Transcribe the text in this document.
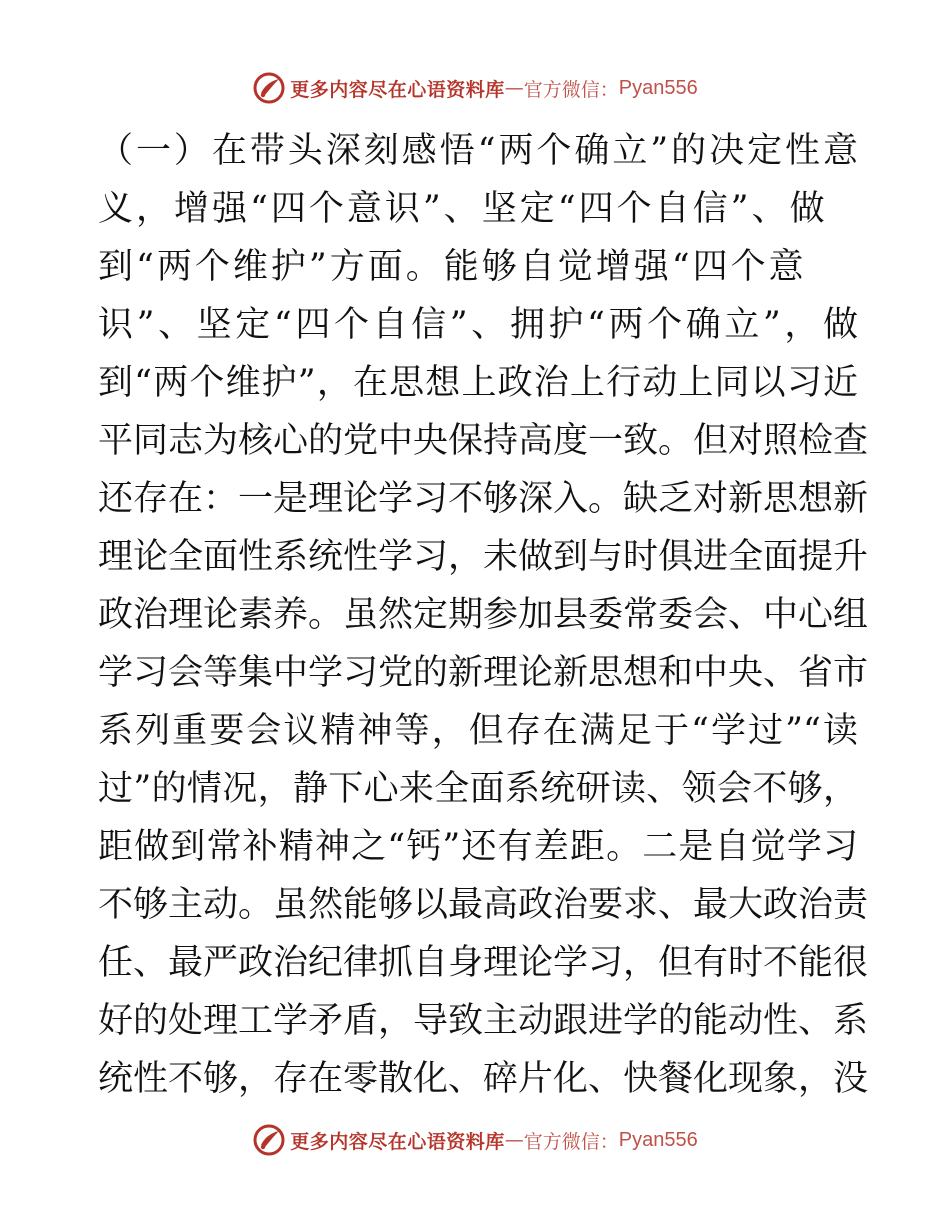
更多内容尽在心语资料库 — 官方微信： Pyan556
（一）在带头深刻感悟“两个确立”的决定性意
义，增强“四个意识”、坚定“四个自信”、做
到“两个维护”方面。能够自觉增强“四个意
识”、坚定“四个自信”、拥护“两个确立”，做
到“两个维护”，在思想上政治上行动上同以习近
平同志为核心的党中央保持高度一致。但对照检查
还存在：一是理论学习不够深入。缺乏对新思想新
理论全面性系统性学习，未做到与时俱进全面提升
政治理论素养。虽然定期参加县委常委会、中心组
学习会等集中学习党的新理论新思想和中央、省市
系列重要会议精神等，但存在满足于“学过”“读
过”的情况，静下心来全面系统研读、领会不够，
距做到常补精神之“钙”还有差距。二是自觉学习
不够主动。虽然能够以最高政治要求、最大政治责
任、最严政治纪律抓自身理论学习，但有时不能很
好的处理工学矛盾，导致主动跟进学的能动性、系
统性不够，存在零散化、碎片化、快餐化现象，没
更多内容尽在心语资料库 — 官方微信： Pyan556
